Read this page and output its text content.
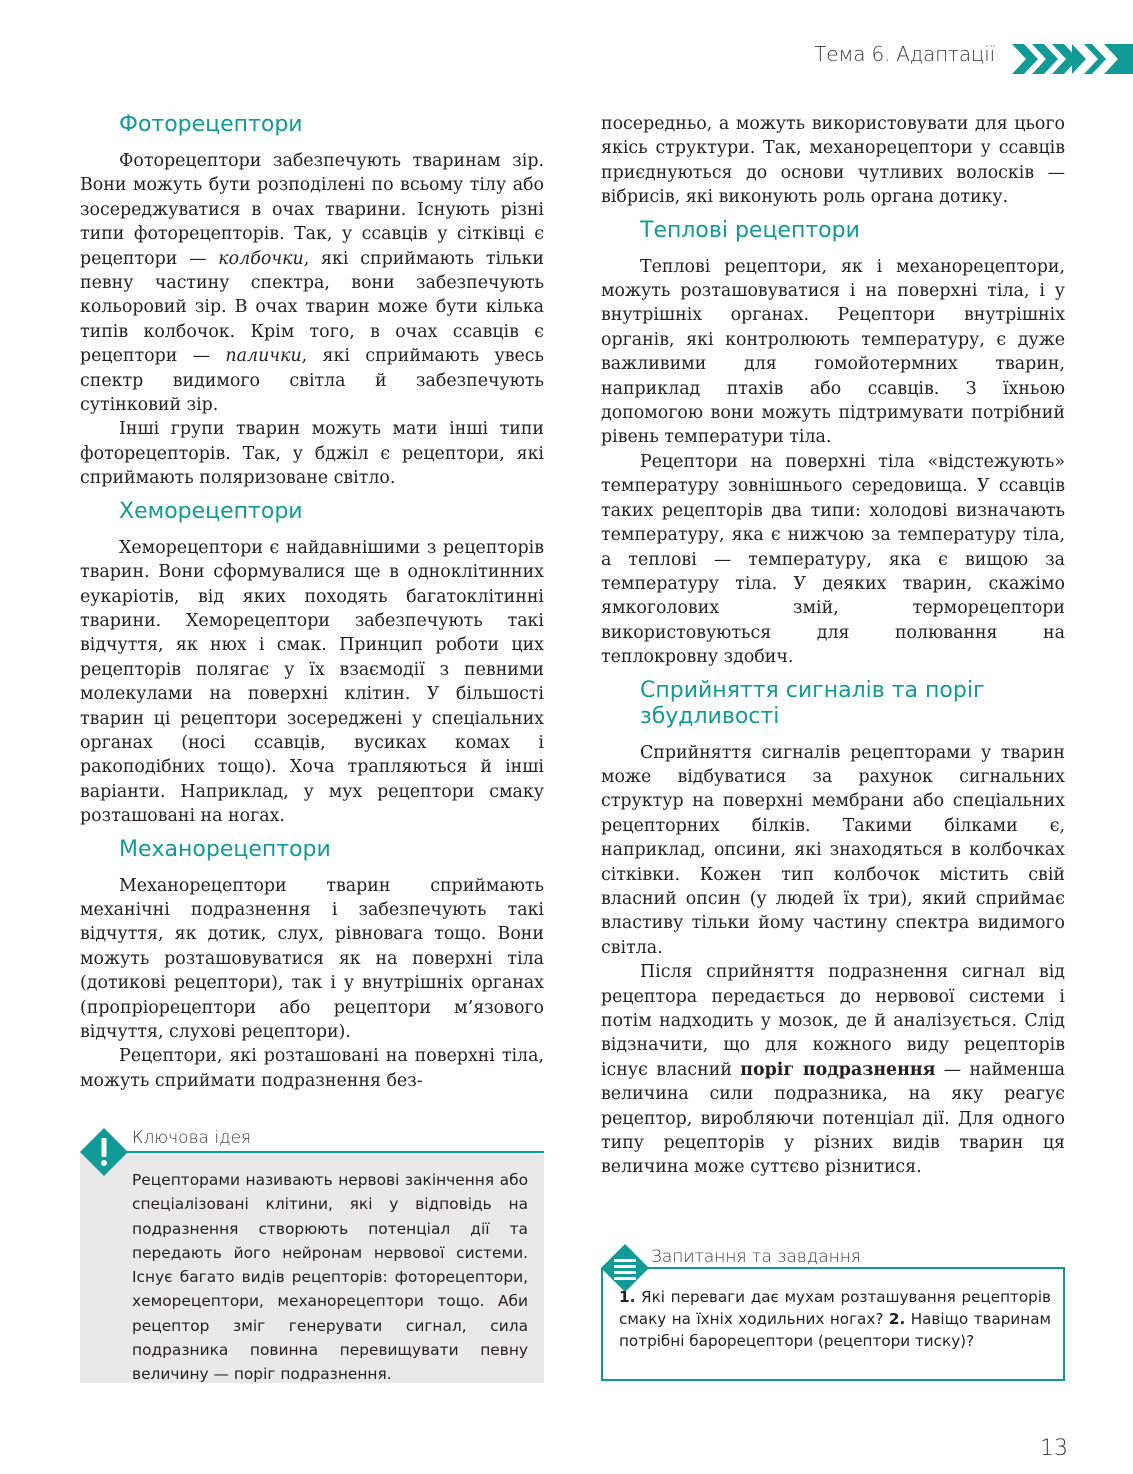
Тема 6. Адаптації
Фоторецептори

Фоторецептори забезпечують тваринам зір. Вони можуть бути розподілені по всьому тілу або зосереджуватися в очах тварини. Існують різні типи фоторецепторів. Так, у ссавців у сітківці є рецептори — колбочки, які сприймають тільки певну частину спектра, вони забезпечують кольоровий зір. В очах тварин може бути кілька типів колбочок. Крім того, в очах ссавців є рецептори — палички, які сприймають увесь спектр видимого світла й забезпечують сутінковий зір.

Інші групи тварин можуть мати інші типи фоторецепторів. Так, у бджіл є рецептори, які сприймають поляризоване світло.

Хеморецептори

Хеморецептори є найдавнішими з рецепторів тварин. Вони сформувалися ще в одноклітинних еукаріотів, від яких походять багатоклітинні тварини. Хеморецептори забезпечують такі відчуття, як нюх і смак. Принцип роботи цих рецепторів полягає у їх взаємодії з певними молекулами на поверхні клітин. У більшості тварин ці рецептори зосереджені у спеціальних органах (носі ссавців, вусиках комах і ракоподібних тощо). Хоча трапляються й інші варіанти. Наприклад, у мух рецептори смаку розташовані на ногах.

Механорецептори

Механорецептори тварин сприймають механічні подразнення і забезпечують такі відчуття, як дотик, слух, рівновага тощо. Вони можуть розташовуватися як на поверхні тіла (дотикові рецептори), так і у внутрішніх органах (пропріорецептори або рецептори м’язового відчуття, слухові рецептори).

Рецептори, які розташовані на поверхні тіла, можуть сприймати подразнення без-

посередньо, а можуть використовувати для цього якісь структури. Так, механорецептори у ссавців приєднуються до основи чутливих волосків — вібрисів, які виконують роль органа дотику.

Теплові рецептори

Теплові рецептори, як і механорецептори, можуть розташовуватися і на поверхні тіла, і у внутрішніх органах. Рецептори внутрішніх органів, які контролюють температуру, є дуже важливими для гомойотермних тварин, наприклад птахів або ссавців. З їхньою допомогою вони можуть підтримувати потрібний рівень температури тіла.

Рецептори на поверхні тіла «відстежують» температуру зовнішнього середовища. У ссавців таких рецепторів два типи: холодові визначають температуру, яка є нижчою за температуру тіла, а теплові — температуру, яка є вищою за температуру тіла. У деяких тварин, скажімо ямкоголових змій, терморецептори використовуються для полювання на теплокровну здобич.

Сприйняття сигналів та поріг збудливості

Сприйняття сигналів рецепторами у тварин може відбуватися за рахунок сигнальних структур на поверхні мембрани або спеціальних рецепторних білків. Такими білками є, наприклад, опсини, які знаходяться в колбочках сітківки. Кожен тип колбочок містить свій власний опсин (у людей їх три), який сприймає властиву тільки йому частину спектра видимого світла.

Після сприйняття подразнення сигнал від рецептора передається до нервової системи і потім надходить у мозок, де й аналізується. Слід відзначити, що для кожного виду рецепторів існує власний поріг подразнення — найменша величина сили подразника, на яку реагує рецептор, виробляючи потенціал дії. Для одного типу рецепторів у різних видів тварин ця величина може суттєво різнитися.

Ключова ідея
Рецепторами називають нервові закінчення або спеціалізовані клітини, які у відповідь на подразнення створюють потенціал дії та передають його нейронам нервової системи. Існує багато видів рецепторів: фоторецептори, хеморецептори, механорецептори тощо. Аби рецептор зміг генерувати сигнал, сила подразника повинна перевищувати певну величину — поріг подразнення.
Запитання та завдання
1. Які переваги дає мухам розташування рецепторів смаку на їхніх ходильних ногах? 2. Навіщо тваринам потрібні барорецептори (рецептори тиску)?
13
